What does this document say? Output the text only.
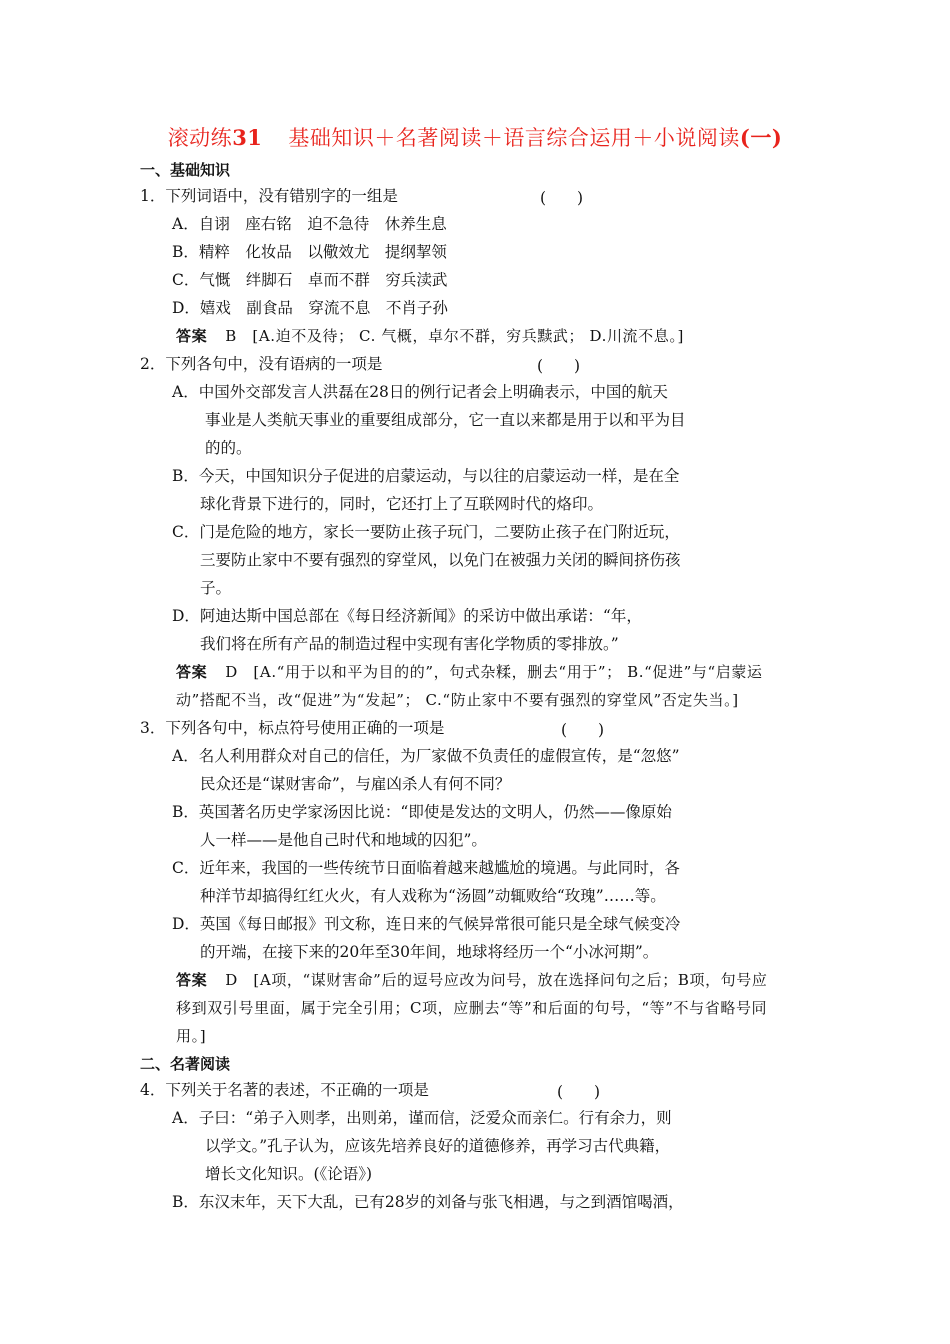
滚动练31 基础知识＋名著阅读＋语言综合运用＋小说阅读(一)
一、基础知识
1．下列词语中，没有错别字的一组是	(　　)
A．自诩　座右铭　迫不急待　休养生息
B．精粹　化妆品　以儆效尤　提纲挈领
C．气慨　绊脚石　卓而不群　穷兵渎武
D．嬉戏　副食品　穿流不息　不肖子孙
答案 B　[A.迫不及待； C. 气概，卓尔不群，穷兵黩武； D.川流不息。]
2．下列各句中，没有语病的一项是	(　　)
A．中国外交部发言人洪磊在28日的例行记者会上明确表示，中国的航天
事业是人类航天事业的重要组成部分，它一直以来都是用于以和平为目
的的。
B．今天，中国知识分子促进的启蒙运动，与以往的启蒙运动一样，是在全
球化背景下进行的，同时，它还打上了互联网时代的烙印。
C．门是危险的地方，家长一要防止孩子玩门，二要防止孩子在门附近玩，
三要防止家中不要有强烈的穿堂风，以免门在被强力关闭的瞬间挤伤孩
子。
D．阿迪达斯中国总部在《每日经济新闻》的采访中做出承诺：“年，
我们将在所有产品的制造过程中实现有害化学物质的零排放。”
答案 D　[A.“用于以和平为目的的”，句式杂糅，删去“用于”； B.“促进”与“启蒙运
动”搭配不当，改“促进”为“发起”； C.“防止家中不要有强烈的穿堂风”否定失当。]
3．下列各句中，标点符号使用正确的一项是	(　　)
A．名人利用群众对自己的信任，为厂家做不负责任的虚假宣传，是“忽悠”
民众还是“谋财害命”，与雇凶杀人有何不同？
B．英国著名历史学家汤因比说：“即使是发达的文明人，仍然——像原始
人一样——是他自己时代和地域的囚犯”。
C．近年来，我国的一些传统节日面临着越来越尴尬的境遇。与此同时，各
种洋节却搞得红红火火，有人戏称为“汤圆”动辄败给“玫瑰”……等。
D．英国《每日邮报》刊文称，连日来的气候异常很可能只是全球气候变冷
的开端，在接下来的20年至30年间，地球将经历一个“小冰河期”。
答案 D　[A项，“谋财害命”后的逗号应改为问号，放在选择问句之后；B项，句号应
移到双引号里面，属于完全引用；C项，应删去“等”和后面的句号，“等”不与省略号同
用。]
二、名著阅读
4．下列关于名著的表述，不正确的一项是	(　　)
A．子曰：“弟子入则孝，出则弟，谨而信，泛爱众而亲仁。行有余力，则
以学文。”孔子认为，应该先培养良好的道德修养，再学习古代典籍，
增长文化知识。(《论语》)
B．东汉末年，天下大乱，已有28岁的刘备与张飞相遇，与之到酒馆喝酒，
